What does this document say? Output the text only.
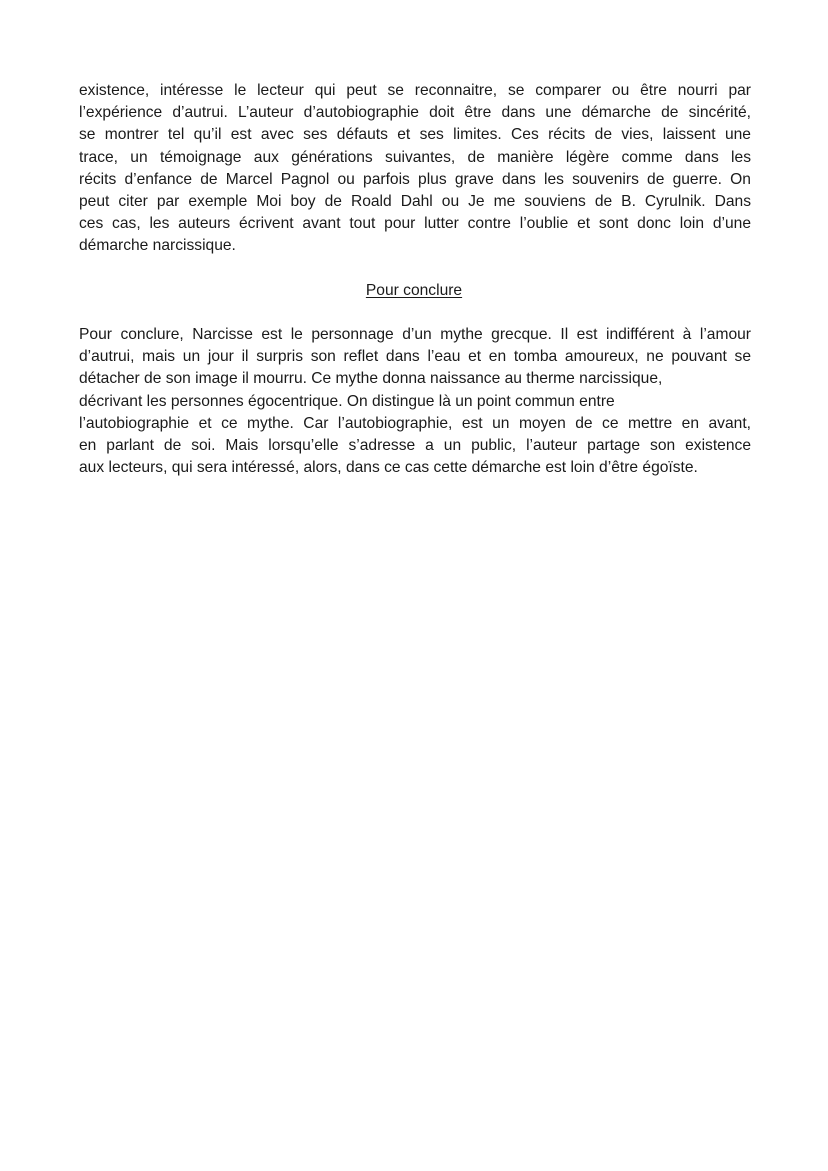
existence, intéresse le lecteur qui peut se reconnaitre, se comparer ou être nourri par
l’expérience d’autrui. L’auteur d’autobiographie doit être dans une démarche de sincérité,
se montrer tel qu’il est avec ses défauts et ses limites. Ces récits de vies, laissent une
trace, un témoignage aux générations suivantes, de manière légère comme dans les
récits d’enfance de Marcel Pagnol ou parfois plus grave dans les souvenirs de guerre. On
peut citer par exemple Moi boy de Roald Dahl ou Je me souviens de B. Cyrulnik. Dans
ces cas, les auteurs écrivent avant tout pour lutter contre l’oublie et sont donc loin d’une
démarche narcissique.
Pour conclure
Pour conclure, Narcisse est le personnage d’un mythe grecque. Il est indifférent à l’amour
d’autrui, mais un jour il surpris son reflet dans l’eau et en tomba amoureux, ne pouvant se
détacher de son image il mourru. Ce mythe donna naissance au therme narcissique,
décrivant les personnes égocentrique. On distingue là un point commun entre
l’autobiographie et ce mythe. Car l’autobiographie, est un moyen de ce mettre en avant,
en parlant de soi. Mais lorsqu’elle s’adresse a un public, l’auteur partage son existence
aux lecteurs, qui sera intéressé, alors, dans ce cas cette démarche est loin d’être égoïste.
